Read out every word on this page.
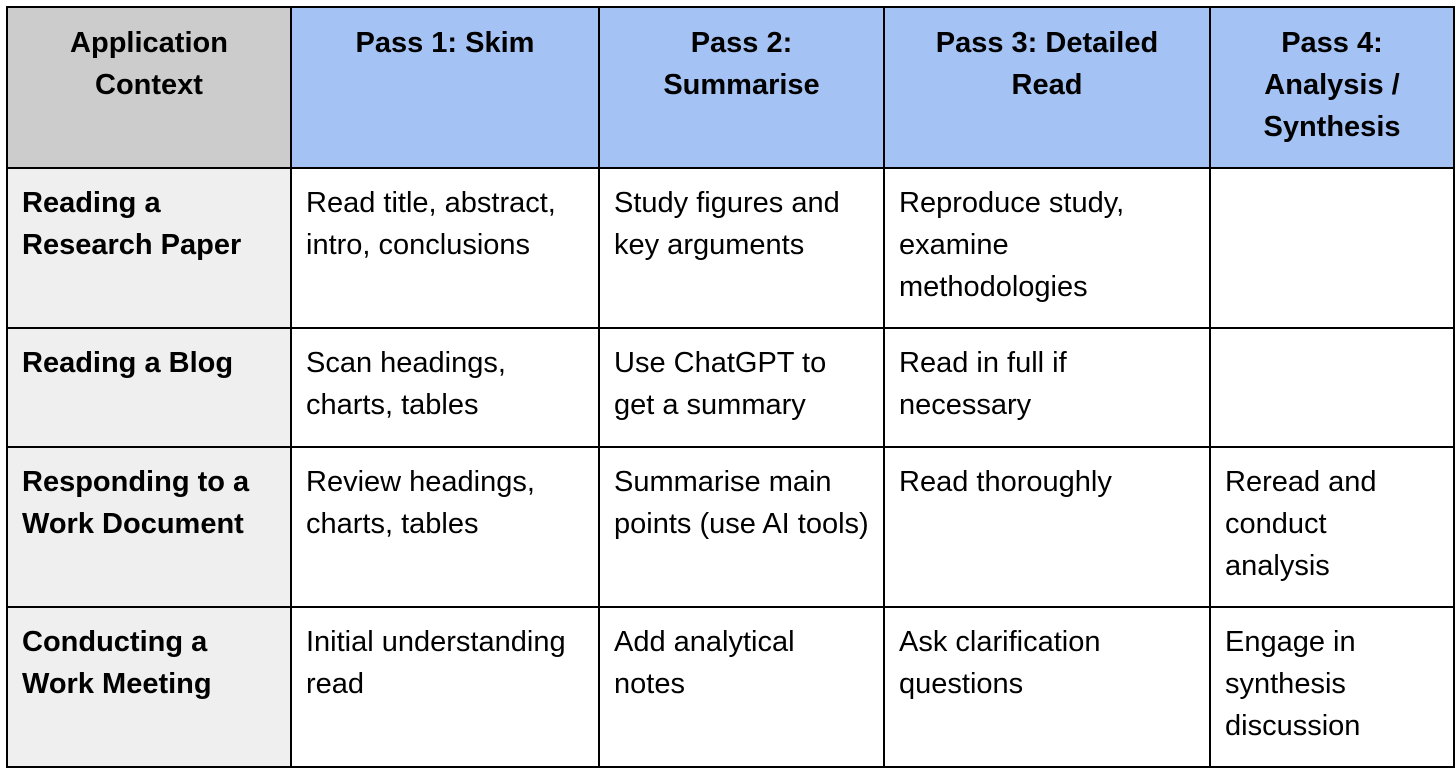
Application Context	Pass 1: Skim	Pass 2: Summarise	Pass 3: Detailed Read	Pass 4: Analysis / Synthesis
Reading a Research Paper	Read title, abstract, intro, conclusions	Study figures and key arguments	Reproduce study, examine methodologies	
Reading a Blog	Scan headings, charts, tables	Use ChatGPT to get a summary	Read in full if necessary	
Responding to a Work Document	Review headings, charts, tables	Summarise main points (use AI tools)	Read thoroughly	Reread and conduct analysis
Conducting a Work Meeting	Initial understanding read	Add analytical notes	Ask clarification questions	Engage in synthesis discussion
